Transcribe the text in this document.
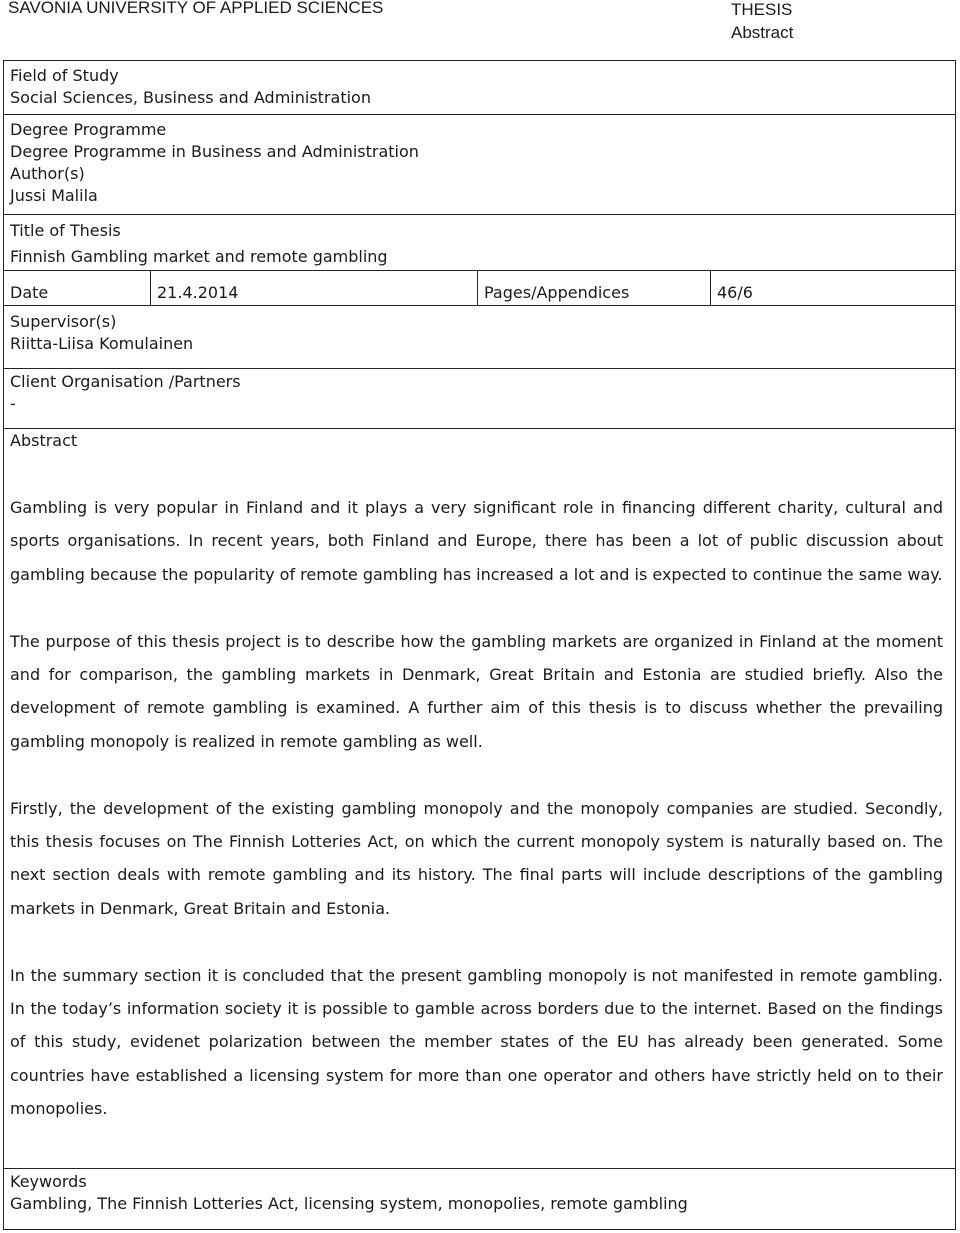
SAVONIA UNIVERSITY OF APPLIED SCIENCES	THESIS
Abstract
Field of Study
Social Sciences, Business and Administration
Degree Programme
Degree Programme in Business and Administration
Author(s)
Jussi Malila
Title of Thesis
Finnish Gambling market and remote gambling
Date	21.4.2014	Pages/Appendices	46/6
Supervisor(s)
Riitta-Liisa Komulainen
Client Organisation /Partners
-
Abstract

Gambling is very popular in Finland and it plays a very significant role in financing different charity, cultural and sports organisations. In recent years, both Finland and Europe, there has been a lot of public discussion about gambling because the popularity of remote gambling has increased a lot and is expected to continue the same way.

The purpose of this thesis project is to describe how the gambling markets are organized in Finland at the moment and for comparison, the gambling markets in Denmark, Great Britain and Estonia are studied briefly. Also the development of remote gambling is examined. A further aim of this thesis is to discuss whether the prevailing gambling monopoly is realized in remote gambling as well.

Firstly, the development of the existing gambling monopoly and the monopoly companies are studied. Secondly, this thesis focuses on The Finnish Lotteries Act, on which the current monopoly system is naturally based on. The next section deals with remote gambling and its history. The final parts will include descriptions of the gambling markets in Denmark, Great Britain and Estonia.

In the summary section it is concluded that the present gambling monopoly is not manifested in remote gambling. In the today’s information society it is possible to gamble across borders due to the internet. Based on the findings of this study, evidenet polarization between the member states of the EU has already been generated. Some countries have established a licensing system for more than one operator and others have strictly held on to their monopolies.

Keywords
Gambling, The Finnish Lotteries Act, licensing system, monopolies, remote gambling
